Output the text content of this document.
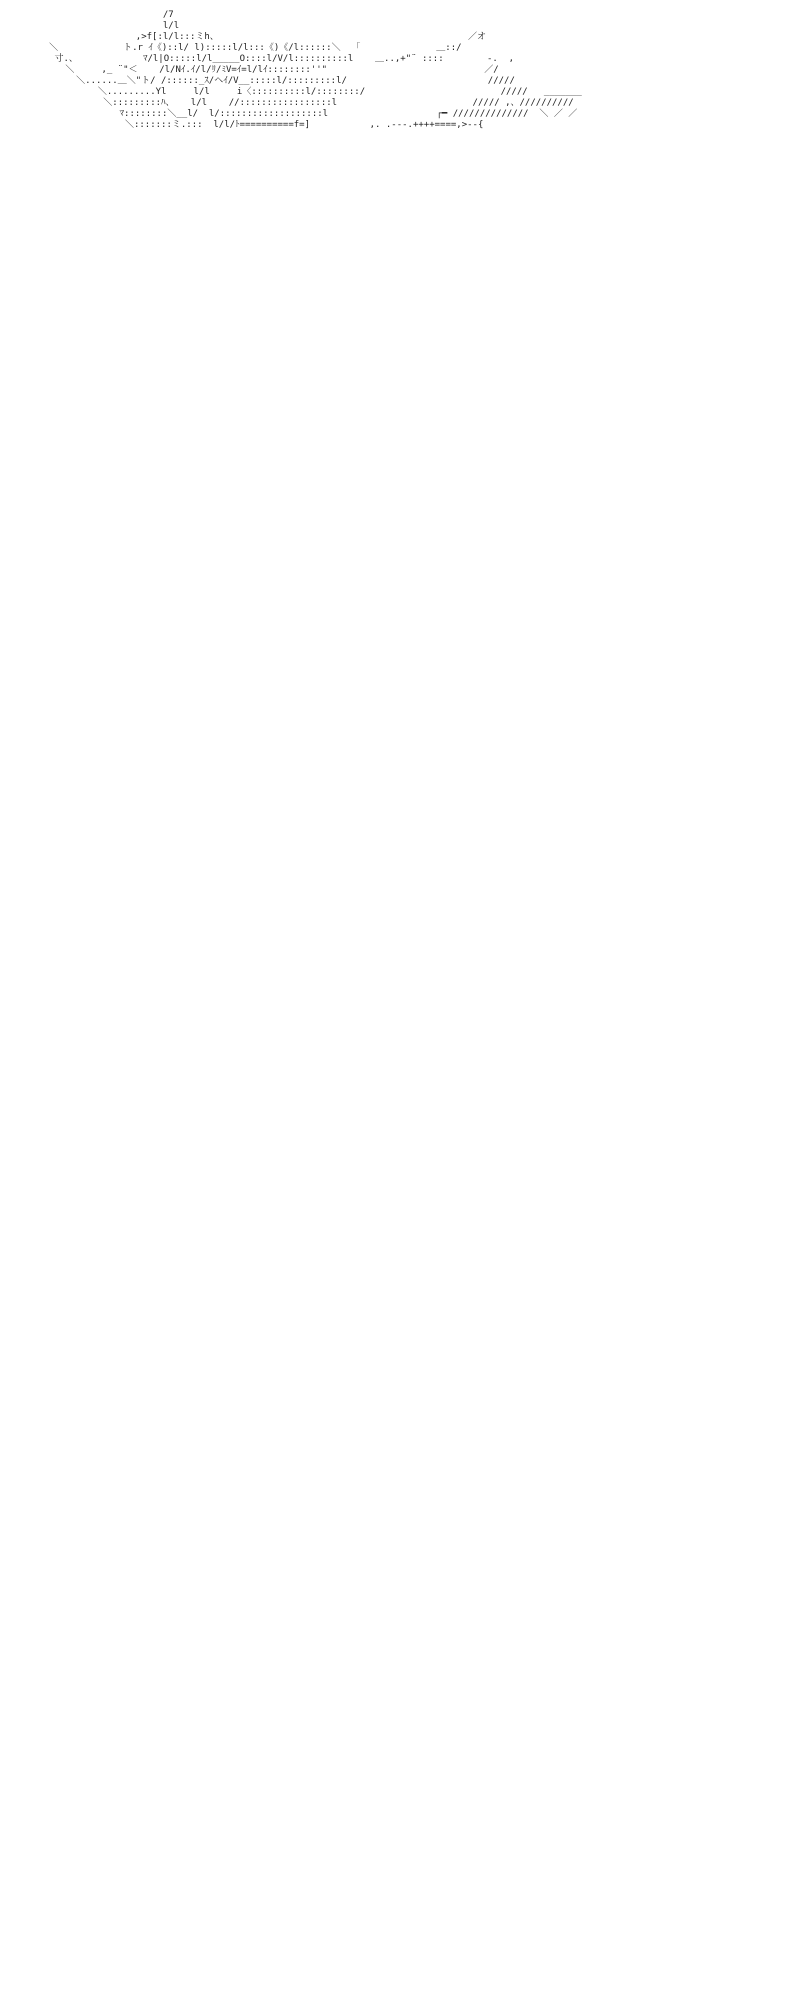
/7
l/l
,>f[:l/l:::ミh、                                              ／オ
＼            ト.r ｲ《)::l/ l):::::l/l:::《)《/l::::::＼  「              ＿::/
寸.、            ﾏ/l|O:::::l/l_____O::::l/V/l::::::::::l    ＿..,+"¨ ::::        -.  ,
＼     ,_ ¨"＜    /l/Nｲ.ｲ/l/ﾘ/ﾐV=ｲ=l/lｲ::::::::''"                             ／/
＼......＿＼"ト/ /::::::_ｽ/ヘｲ/V__:::::l/:::::::::l/                          /////
＼.........Yl     l/l     i〈::::::::::l/::::::::/                         /////   _______
＼:::::::::ﾊ、   l/l    //:::::::::::::::::l                         ///// ,、//////////
ﾏ::::::::＼__l/  l/:::::::::::::::::::l                    ┌━ //////////////  ＼ ／ ／
＼:::::::ミ.:::  l/l/ﾄ==========f=]           ,. .---.++++====,>--{
